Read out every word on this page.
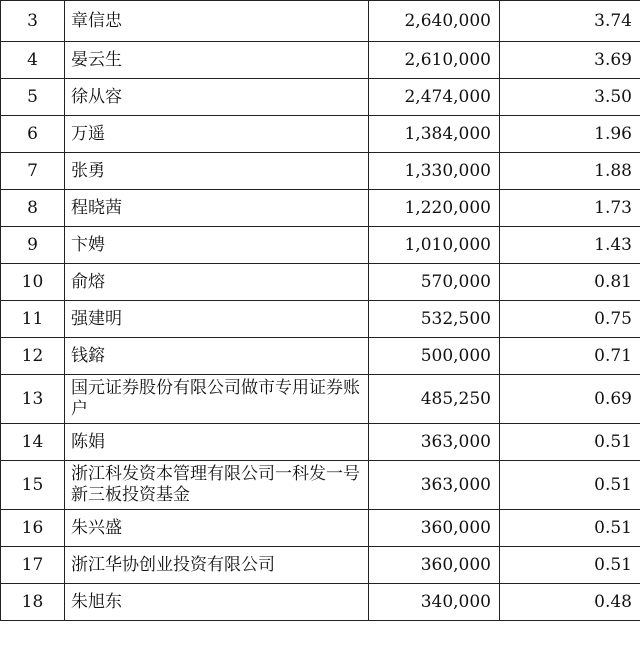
3	章信忠	2,640,000	3.74
4	晏云生	2,610,000	3.69
5	徐从容	2,474,000	3.50
6	万遥	1,384,000	1.96
7	张勇	1,330,000	1.88
8	程晓茜	1,220,000	1.73
9	卞娉	1,010,000	1.43
10	俞熔	570,000	0.81
11	强建明	532,500	0.75
12	钱鎔	500,000	0.71
13	国元证券股份有限公司做市专用证券账户	485,250	0.69
14	陈娟	363,000	0.51
15	浙江科发资本管理有限公司一科发一号新三板投资基金	363,000	0.51
16	朱兴盛	360,000	0.51
17	浙江华协创业投资有限公司	360,000	0.51
18	朱旭东	340,000	0.48
